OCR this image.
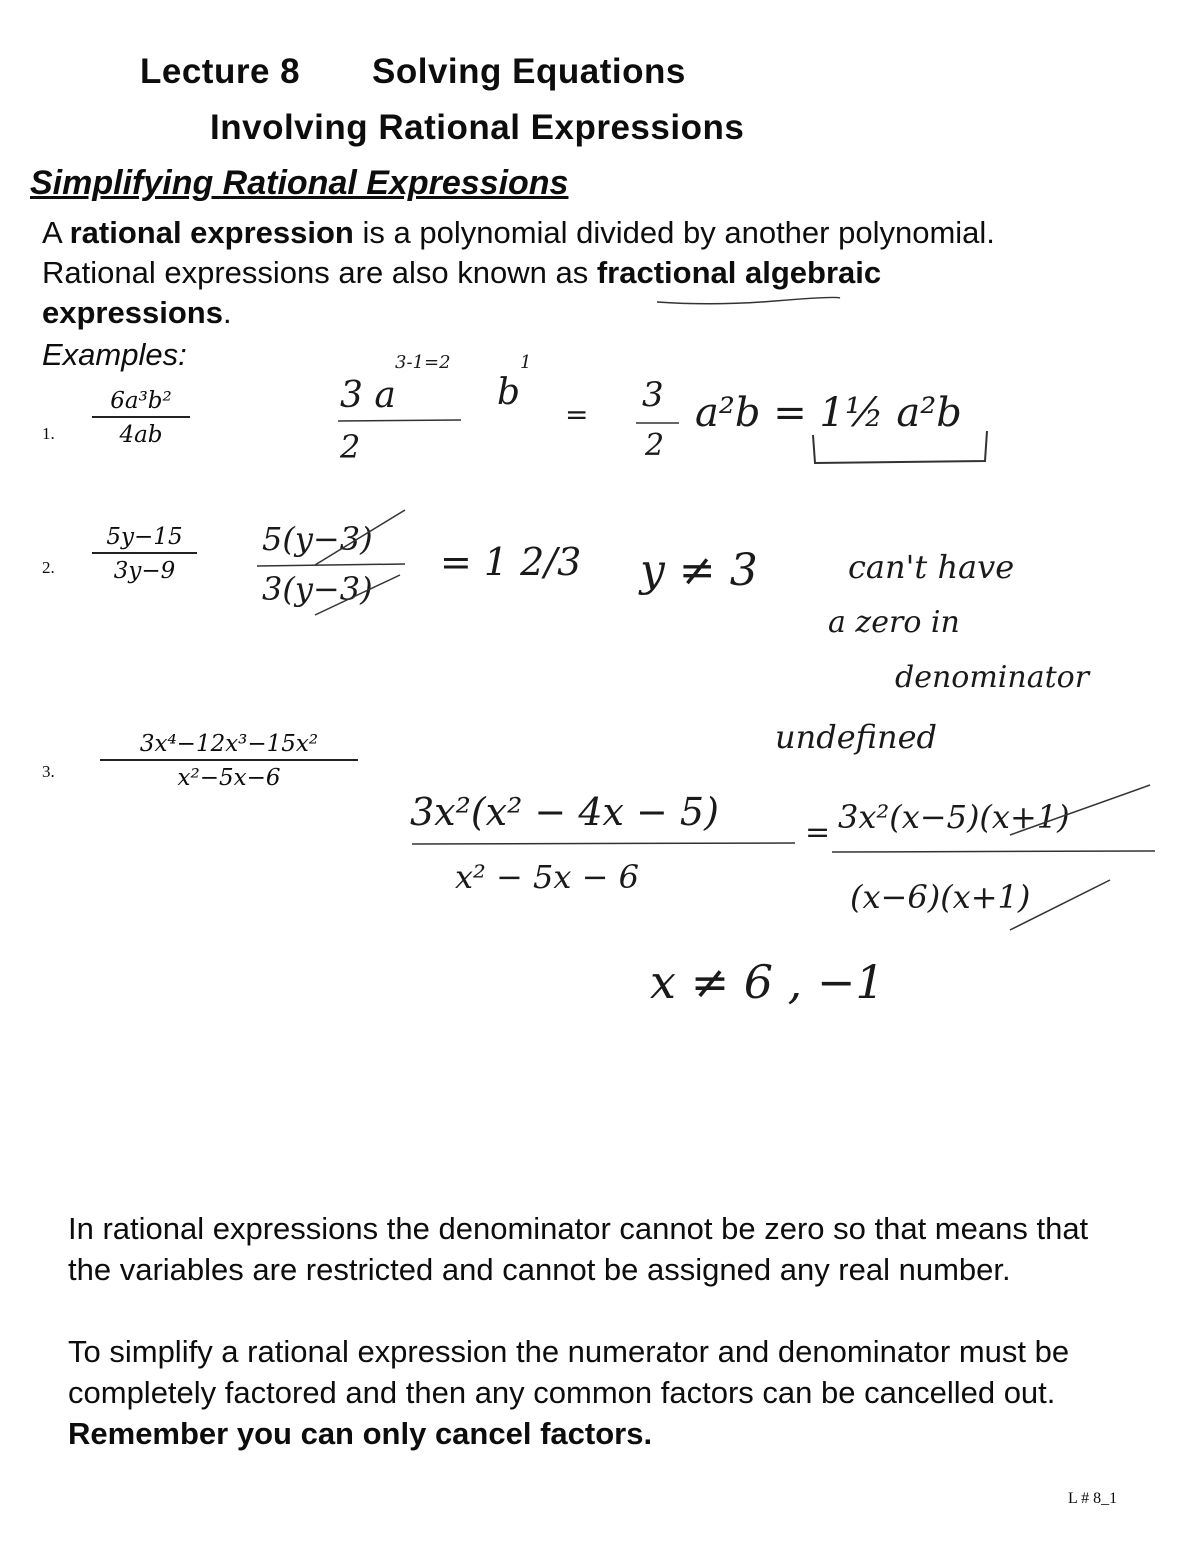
Lecture 8 Solving Equations
Involving Rational Expressions
Simplifying Rational Expressions
A rational expression is a polynomial divided by another polynomial.
Rational expressions are also known as fractional algebraic
expressions.
Examples:
1. $\frac{\text{6a³b²}}{4ab}$	3 a
3-1=2
b
1
2
= 3
2
a²b = 1½ a²b
2. $\frac{5y-15}{3y-9} 5(y-3)$
3(y−3)
= 1 2/3 y ≠ 3	can't have
a zero in
denominator
3. $\frac{\text{3x⁴−12x³−15x²}}{\text{x²−5x−6}}$	undefined
3x²(x² − 4x − 5)
x² − 5x − 6
= 3x²(x−5)(x+1)
(x−6)(x+1)
x ≠ 6 , −1
In rational expressions the denominator cannot be zero so that means that the variables are restricted and cannot be assigned any real number.
To simplify a rational expression the numerator and denominator must be completely factored and then any common factors can be cancelled out. Remember you can only cancel factors.
L # 8_1
